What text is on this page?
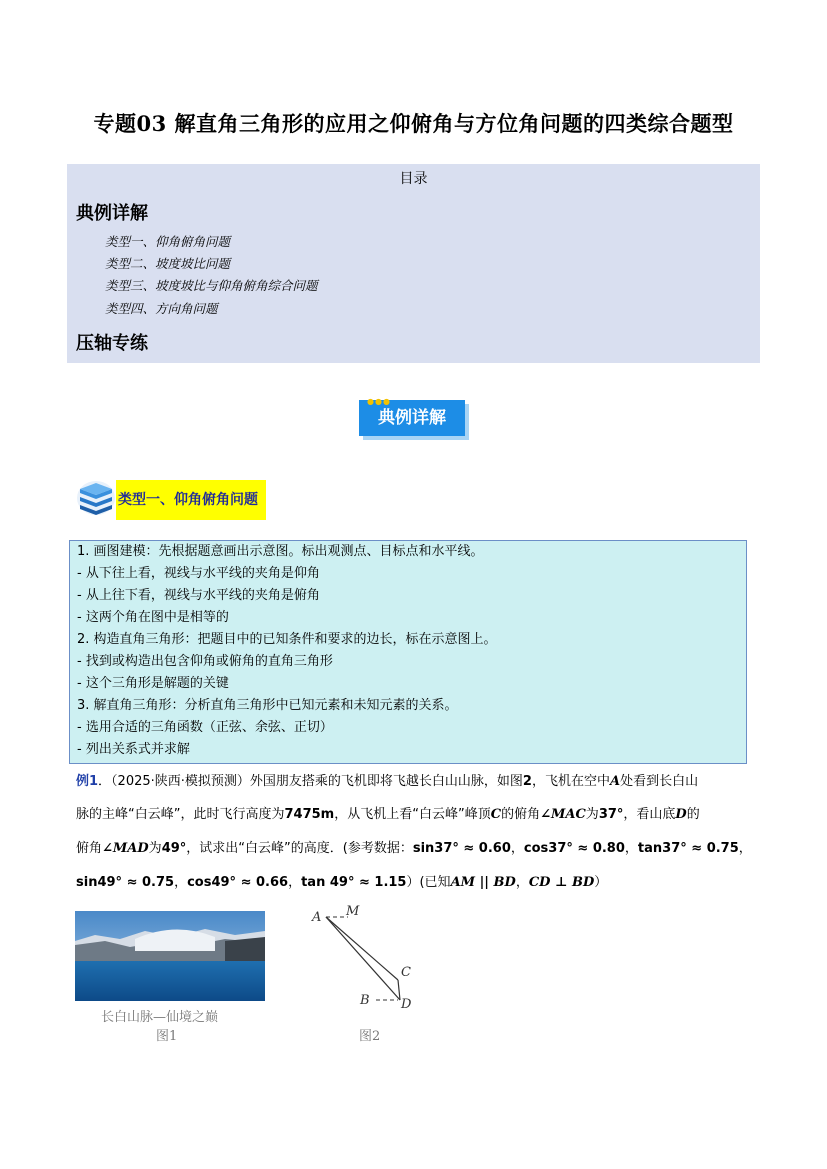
专题03 解直角三角形的应用之仰俯角与方位角问题的四类综合题型
目录
典例详解
类型一、仰角俯角问题
类型二、坡度坡比问题
类型三、坡度坡比与仰角俯角综合问题
类型四、方向角问题
压轴专练
●●●
典例详解
类型一、仰角俯角问题
1. 画图建模：先根据题意画出示意图。标出观测点、目标点和水平线。
- 从下往上看，视线与水平线的夹角是仰角
- 从上往下看，视线与水平线的夹角是俯角
- 这两个角在图中是相等的
2. 构造直角三角形：把题目中的已知条件和要求的边长，标在示意图上。
- 找到或构造出包含仰角或俯角的直角三角形
- 这个三角形是解题的关键
3. 解直角三角形：分析直角三角形中已知元素和未知元素的关系。
- 选用合适的三角函数（正弦、余弦、正切）
- 列出关系式并求解
例1．（2025·陕西·模拟预测）外国朋友搭乘的飞机即将飞越长白山山脉，如图2，飞机在空中A处看到长白山
脉的主峰“白云峰”，此时飞行高度为7475m，从飞机上看“白云峰”峰顶C的俯角∠MAC为37°，看山底D的
俯角∠MAD为49°，试求出“白云峰”的高度．(参考数据：sin37° ≈ 0.60，cos37° ≈ 0.80，tan37° ≈ 0.75，
sin49° ≈ 0.75，cos49° ≈ 0.66，tan 49° ≈ 1.15）(已知AM || BD，CD ⊥ BD）
长白山脉—仙境之巅
图1
A M
C
B D
图2
